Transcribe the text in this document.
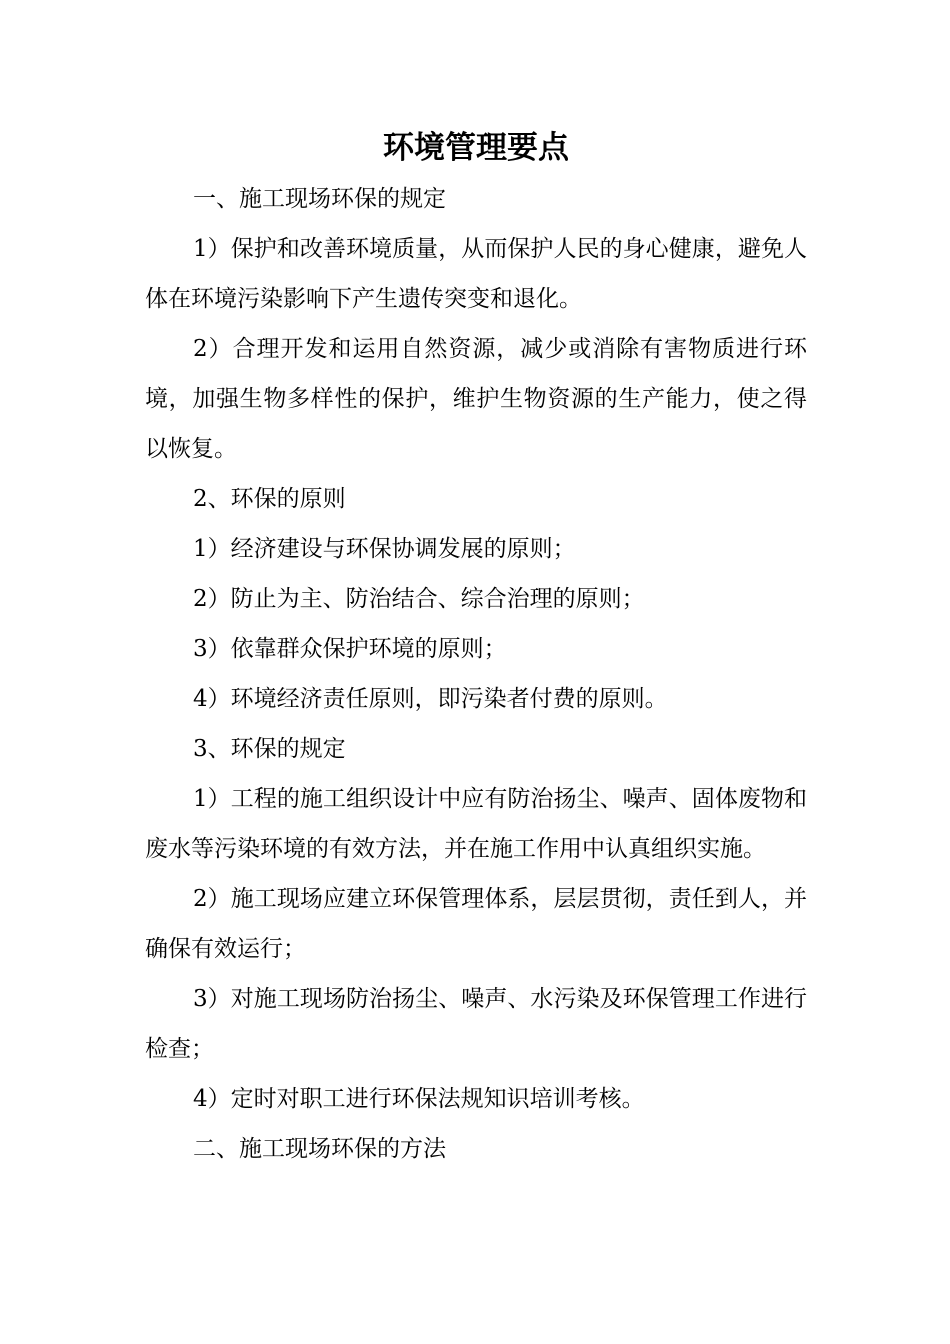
环境管理要点

一、施工现场环保的规定

1）保护和改善环境质量，从而保护人民的身心健康，避免人体在环境污染影响下产生遗传突变和退化。

2）合理开发和运用自然资源，减少或消除有害物质进行环境，加强生物多样性的保护，维护生物资源的生产能力，使之得以恢复。

2、环保的原则

1）经济建设与环保协调发展的原则；

2）防止为主、防治结合、综合治理的原则；

3）依靠群众保护环境的原则；

4）环境经济责任原则，即污染者付费的原则。

3、环保的规定

1）工程的施工组织设计中应有防治扬尘、噪声、固体废物和废水等污染环境的有效方法，并在施工作用中认真组织实施。

2）施工现场应建立环保管理体系，层层贯彻，责任到人，并确保有效运行；

3）对施工现场防治扬尘、噪声、水污染及环保管理工作进行检查；

4）定时对职工进行环保法规知识培训考核。

二、施工现场环保的方法
